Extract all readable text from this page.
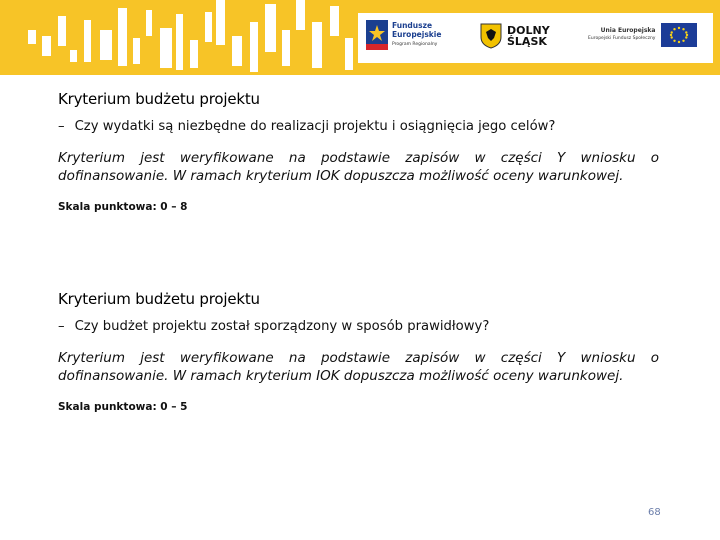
Fundusze
Europejskie
Program Regionalny
DOLNY
ŚLĄSK
Unia Europejska
Europejski Fundusz Społeczny

Kryterium budżetu projektu

– Czy wydatki są niezbędne do realizacji projektu i osiągnięcia jego celów?

Kryterium jest weryfikowane na podstawie zapisów w części Y wniosku o dofinansowanie. W ramach kryterium IOK dopuszcza możliwość oceny warunkowej.

Skala punktowa: 0 – 8

Kryterium budżetu projektu

– Czy budżet projektu został sporządzony w sposób prawidłowy?

Kryterium jest weryfikowane na podstawie zapisów w części Y wniosku o dofinansowanie. W ramach kryterium IOK dopuszcza możliwość oceny warunkowej.

Skala punktowa: 0 – 5

68
